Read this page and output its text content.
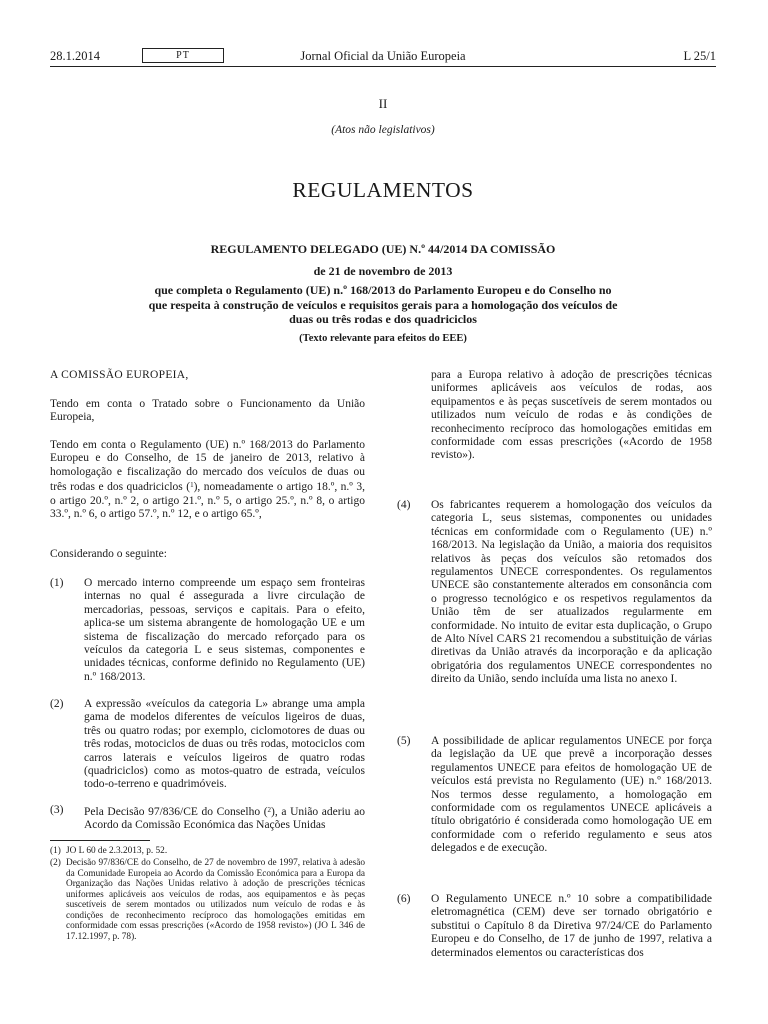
28.1.2014	PT	Jornal Oficial da União Europeia	L 25/1
II
(Atos não legislativos)
REGULAMENTOS
REGULAMENTO DELEGADO (UE) N.º 44/2014 DA COMISSÃO
de 21 de novembro de 2013
que completa o Regulamento (UE) n.º 168/2013 do Parlamento Europeu e do Conselho no que respeita à construção de veículos e requisitos gerais para a homologação dos veículos de duas ou três rodas e dos quadriciclos
(Texto relevante para efeitos do EEE)
A COMISSÃO EUROPEIA,
Tendo em conta o Tratado sobre o Funcionamento da União Europeia,
Tendo em conta o Regulamento (UE) n.º 168/2013 do Parlamento Europeu e do Conselho, de 15 de janeiro de 2013, relativo à homologação e fiscalização do mercado dos veículos de duas ou três rodas e dos quadriciclos ($^1$), nomeadamente o artigo 18.º, n.º 3, o artigo 20.º, n.º 2, o artigo 21.º, n.º 5, o artigo 25.º, n.º 8, o artigo 33.º, n.º 6, o artigo 57.º, n.º 12, e o artigo 65.º,
Considerando o seguinte:
(1) O mercado interno compreende um espaço sem fronteiras internas no qual é assegurada a livre circulação de mercadorias, pessoas, serviços e capitais. Para o efeito, aplica-se um sistema abrangente de homologação UE e um sistema de fiscalização do mercado reforçado para os veículos da categoria L e seus sistemas, componentes e unidades técnicas, conforme definido no Regulamento (UE) n.º 168/2013.
(2) A expressão «veículos da categoria L» abrange uma ampla gama de modelos diferentes de veículos ligeiros de duas, três ou quatro rodas; por exemplo, ciclomotores de duas ou três rodas, motociclos de duas ou três rodas, motociclos com carros laterais e veículos ligeiros de quatro rodas (quadriciclos) como as motos-quatro de estrada, veículos todo-o-terreno e quadrimóveis.
(3) Pela Decisão 97/836/CE do Conselho ($^2$), a União aderiu ao Acordo da Comissão Económica das Nações Unidas
(1) JO L 60 de 2.3.2013, p. 52.
(2) Decisão 97/836/CE do Conselho, de 27 de novembro de 1997, relativa à adesão da Comunidade Europeia ao Acordo da Comissão Económica para a Europa da Organização das Nações Unidas relativo à adoção de prescrições técnicas uniformes aplicáveis aos veículos de rodas, aos equipamentos e às peças suscetíveis de serem montados ou utilizados num veículo de rodas e às condições de reconhecimento recíproco das homologações emitidas em conformidade com essas prescrições («Acordo de 1958 revisto») (JO L 346 de 17.12.1997, p. 78).
para a Europa relativo à adoção de prescrições técnicas uniformes aplicáveis aos veículos de rodas, aos equipamentos e às peças suscetíveis de serem montados ou utilizados num veículo de rodas e às condições de reconhecimento recíproco das homologações emitidas em conformidade com essas prescrições («Acordo de 1958 revisto»).
(4) Os fabricantes requerem a homologação dos veículos da categoria L, seus sistemas, componentes ou unidades técnicas em conformidade com o Regulamento (UE) n.º 168/2013. Na legislação da União, a maioria dos requisitos relativos às peças dos veículos são retomados dos regulamentos UNECE correspondentes. Os regulamentos UNECE são constantemente alterados em consonância com o progresso tecnológico e os respetivos regulamentos da União têm de ser atualizados regularmente em conformidade. No intuito de evitar esta duplicação, o Grupo de Alto Nível CARS 21 recomendou a substituição de várias diretivas da União através da incorporação e da aplicação obrigatória dos regulamentos UNECE correspondentes no direito da União, sendo incluída uma lista no anexo I.
(5) A possibilidade de aplicar regulamentos UNECE por força da legislação da UE que prevê a incorporação desses regulamentos UNECE para efeitos de homologação UE de veículos está prevista no Regulamento (UE) n.º 168/2013. Nos termos desse regulamento, a homologação em conformidade com os regulamentos UNECE aplicáveis a título obrigatório é considerada como homologação UE em conformidade com o referido regulamento e seus atos delegados e de execução.
(6) O Regulamento UNECE n.º 10 sobre a compatibilidade eletromagnética (CEM) deve ser tornado obrigatório e substitui o Capítulo 8 da Diretiva 97/24/CE do Parlamento Europeu e do Conselho, de 17 de junho de 1997, relativa a determinados elementos ou características dos
